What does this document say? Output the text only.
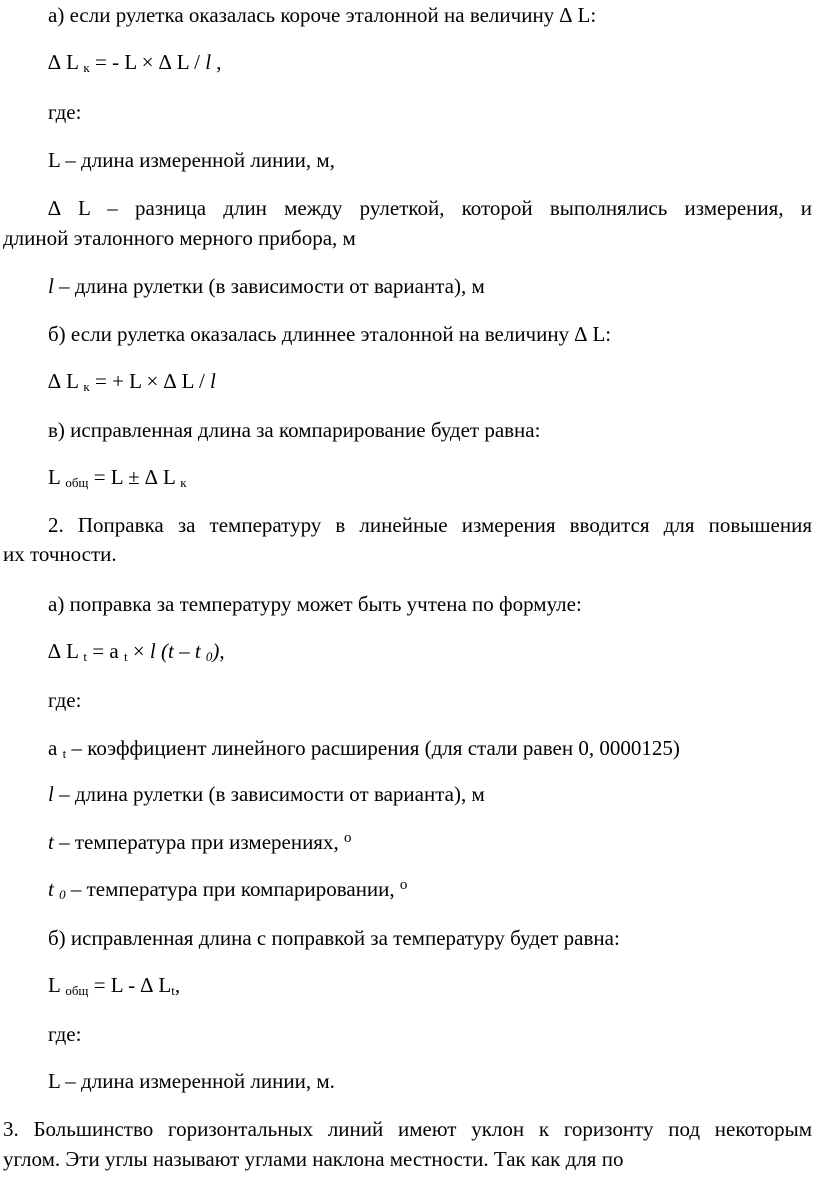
а) если рулетка оказалась короче эталонной на величину ∆ L:
∆ L $_к$ = - L × ∆ L / l ,
где:
L – длина измеренной линии, м,
∆ L – разница длин между рулеткой, которой выполнялись измерения, и
длиной эталонного мерного прибора, м
l – длина рулетки (в зависимости от варианта), м
б) если рулетка оказалась длиннее эталонной на величину ∆ L:
∆ L $_к$ = + L × ∆ L / l
в) исправленная длина за компарирование будет равна:
L $_{общ}$ = L ± ∆ L $_к$
2. Поправка за температуру в линейные измерения вводится для повышения
их точности.
а) поправка за температуру может быть учтена по формуле:
∆ L $_t$ = a $_t$ × l (t – t $_0$),
где:
a $_t$ – коэффициент линейного расширения (для стали равен 0, 0000125)
l – длина рулетки (в зависимости от варианта), м
t – температура при измерениях, $^о$
t $_0$ – температура при компарировании, $^о$
б) исправленная длина с поправкой за температуру будет равна:
L $_{общ}$ = L - ∆ $L_t$,
где:
L – длина измеренной линии, м.
3. Большинство горизонтальных линий имеют уклон к горизонту под некоторым
углом. Эти углы называют углами наклона местности. Так как для по
